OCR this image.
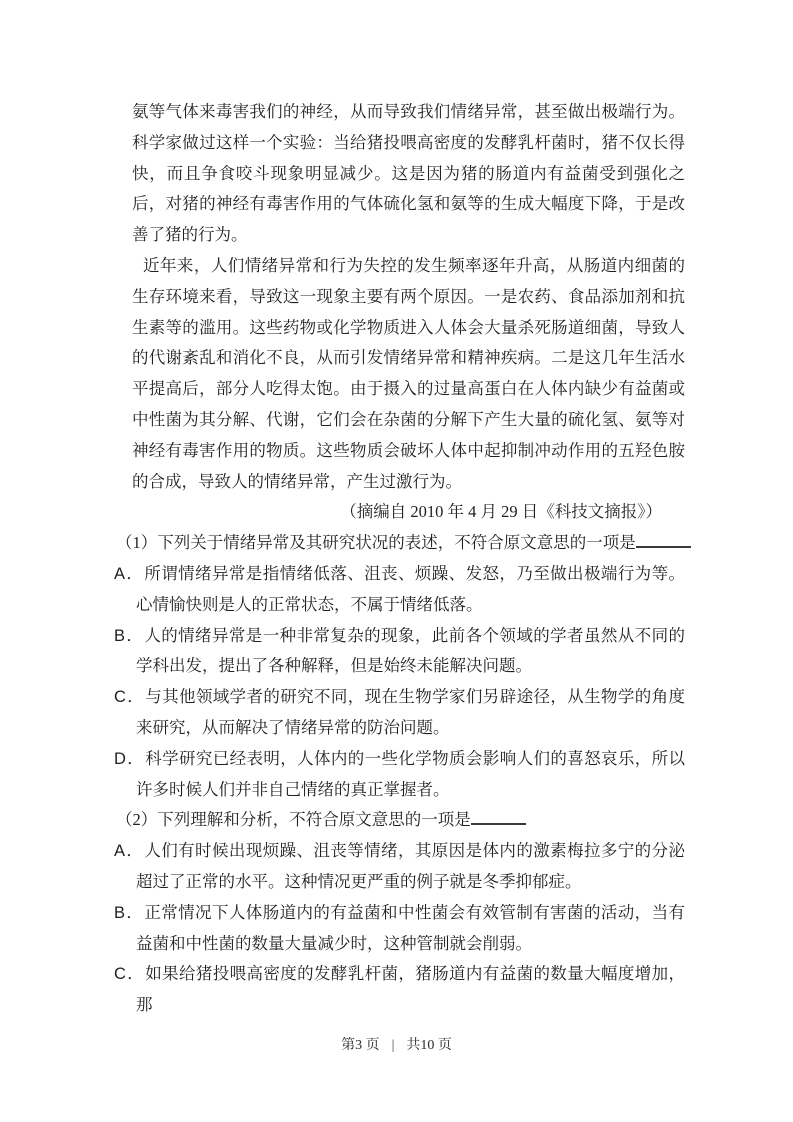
氨等气体来毒害我们的神经，从而导致我们情绪异常，甚至做出极端行为。科学家做过这样一个实验：当给猪投喂高密度的发酵乳杆菌时，猪不仅长得快，而且争食咬斗现象明显减少。这是因为猪的肠道内有益菌受到强化之后，对猪的神经有毒害作用的气体硫化氢和氨等的生成大幅度下降，于是改善了猪的行为。

近年来，人们情绪异常和行为失控的发生频率逐年升高，从肠道内细菌的生存环境来看，导致这一现象主要有两个原因。一是农药、食品添加剂和抗生素等的滥用。这些药物或化学物质进入人体会大量杀死肠道细菌，导致人的代谢紊乱和消化不良，从而引发情绪异常和精神疾病。二是这几年生活水平提高后，部分人吃得太饱。由于摄入的过量高蛋白在人体内缺少有益菌或中性菌为其分解、代谢，它们会在杂菌的分解下产生大量的硫化氢、氨等对神经有毒害作用的物质。这些物质会破坏人体中起抑制冲动作用的五羟色胺的合成，导致人的情绪异常，产生过激行为。

（摘编自 2010 年 4 月 29 日《科技文摘报》）

（1）下列关于情绪异常及其研究状况的表述，不符合原文意思的一项是

A．所谓情绪异常是指情绪低落、沮丧、烦躁、发怒，乃至做出极端行为等。心情愉快则是人的正常状态，不属于情绪低落。

B．人的情绪异常是一种非常复杂的现象，此前各个领域的学者虽然从不同的学科出发，提出了各种解释，但是始终未能解决问题。

C．与其他领域学者的研究不同，现在生物学家们另辟途径，从生物学的角度来研究，从而解决了情绪异常的防治问题。

D．科学研究已经表明，人体内的一些化学物质会影响人们的喜怒哀乐，所以许多时候人们并非自己情绪的真正掌握者。

（2）下列理解和分析，不符合原文意思的一项是

A．人们有时候出现烦躁、沮丧等情绪，其原因是体内的激素梅拉多宁的分泌超过了正常的水平。这种情况更严重的例子就是冬季抑郁症。

B．正常情况下人体肠道内的有益菌和中性菌会有效管制有害菌的活动，当有益菌和中性菌的数量大量减少时，这种管制就会削弱。

C．如果给猪投喂高密度的发酵乳杆菌，猪肠道内有益菌的数量大幅度增加，那

第3 页 | 共10 页
